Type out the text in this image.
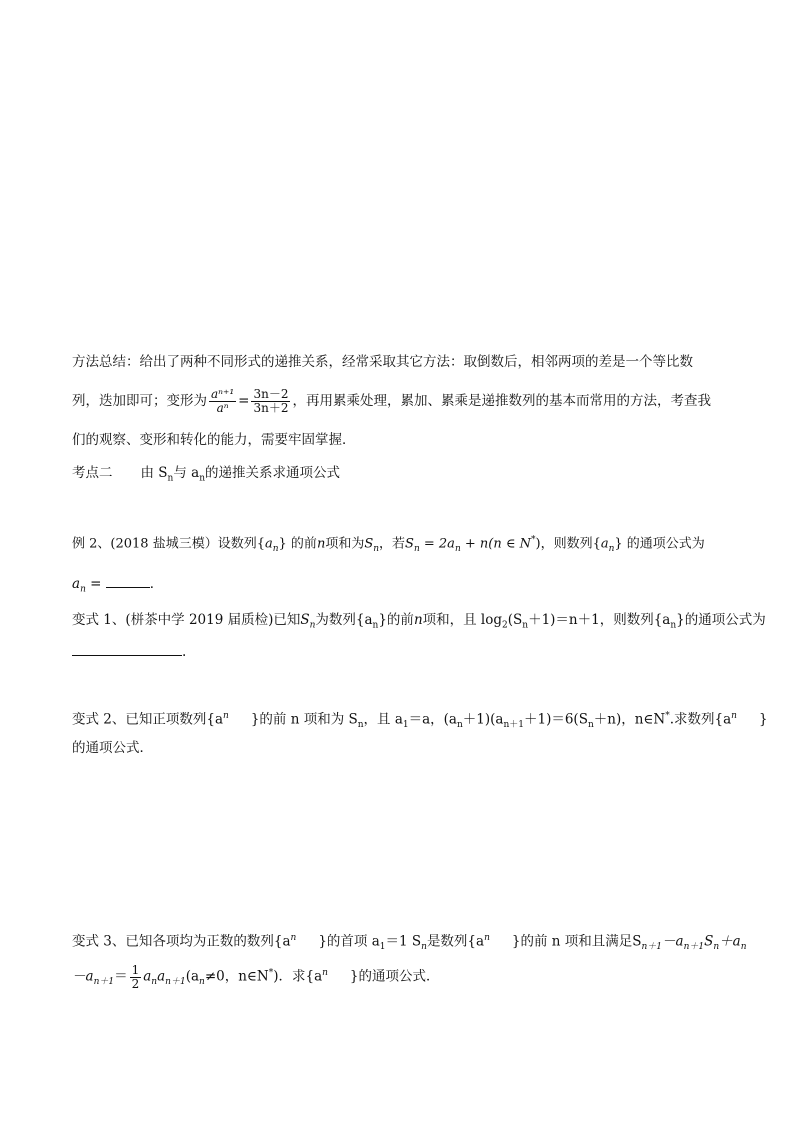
方法总结：给出了两种不同形式的递推关系，经常采取其它方法：取倒数后，相邻两项的差是一个等比数
列，迭加即可；变形为 $\frac{\text{aⁿ⁺¹}}{\text{aⁿ}} = \frac{3n-2}{3n+2}$ ，再用累乘处理，累加、累乘是递推数列的基本而常用的方法，考查我
们的观察、变形和转化的能力，需要牢固掌握．
考点二 由 $S_n$与 $a_n$的递推关系求通项公式
例 2、(2018 盐城三模）设数列$\{a_n\}$ 的前n项和为$S_n$，若$S_n = 2a_n + n(n$ ∈ N*)，则数列$\{a_n\}$ 的通项公式为
$a_n$ =	．
变式 1、(栟茶中学 2019 届质检)已知$S_n$为数列$\{a_n\}$的前n项和，且 $\log_2(S_n+1)=n+1$，则数列$\{a_n\}$的通项公式为
.
变式 2、已知正项数列{$a^n$ }的前 n 项和为 $S_n$，且 $a_1=a$，$(a_n+1)(a_{n+1}+1)=6(S_n+n)$，n∈N*.求数列{$a^n$ }
的通项公式．
变式 3、已知各项均为正数的数列{$a^n$ }的首项 $a_1=1$ $S_n$是数列{$a^n$ }的前 n 项和且满足$S_{n+1}-a_{n+1}S_n+a_n$
$-a_{n+1}= \frac{1}{2} a_na_{n+1}(a_n\ne 0$，n∈N*)．求{$a^n$ }的通项公式．
